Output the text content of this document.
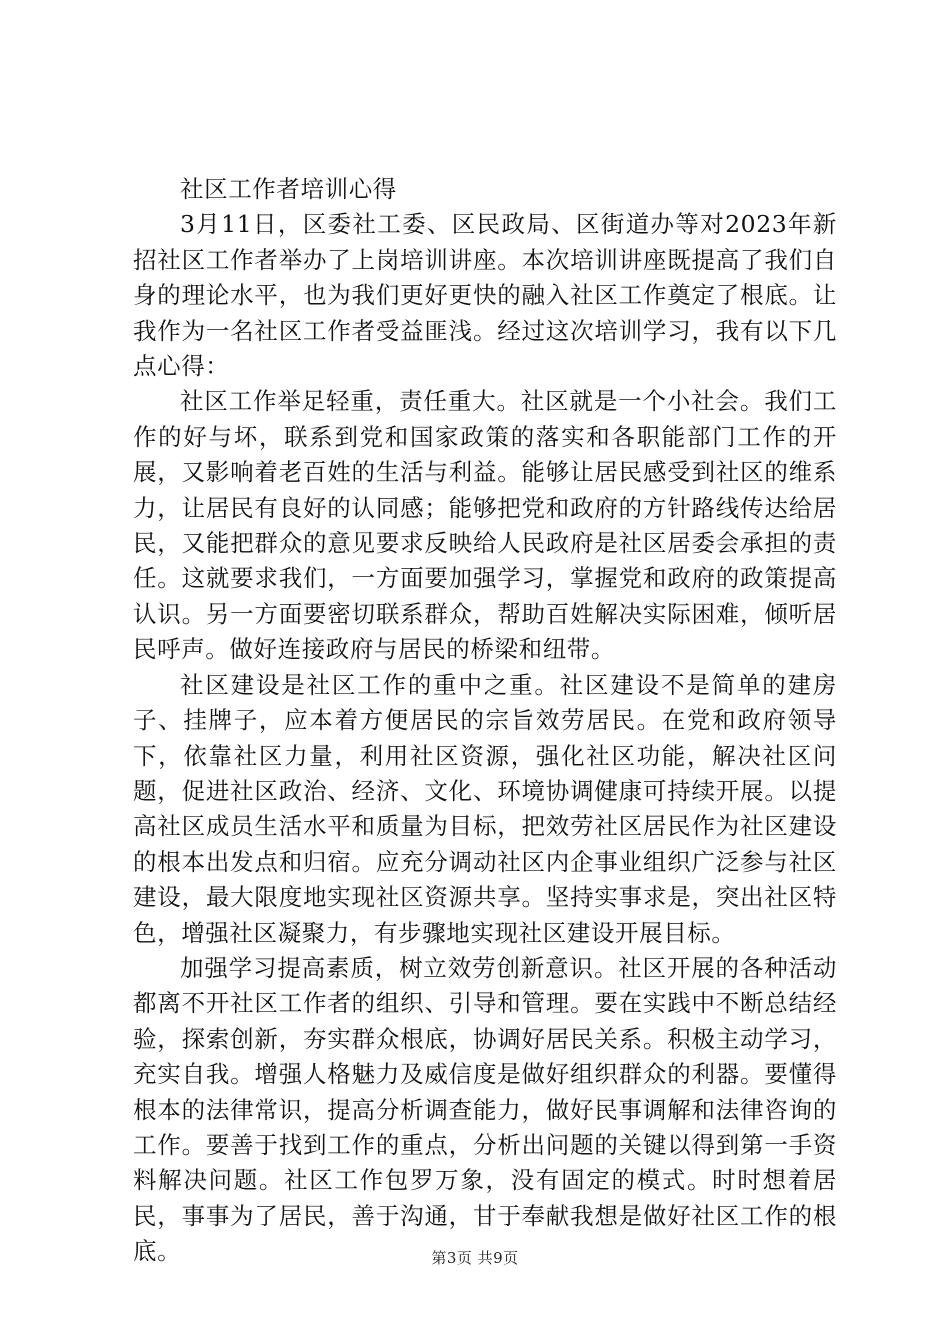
社区工作者培训心得

3月11日，区委社工委、区民政局、区街道办等对2023年新招社区工作者举办了上岗培训讲座。本次培训讲座既提高了我们自身的理论水平，也为我们更好更快的融入社区工作奠定了根底。让我作为一名社区工作者受益匪浅。经过这次培训学习，我有以下几点心得：

社区工作举足轻重，责任重大。社区就是一个小社会。我们工作的好与坏，联系到党和国家政策的落实和各职能部门工作的开展，又影响着老百姓的生活与利益。能够让居民感受到社区的维系力，让居民有良好的认同感；能够把党和政府的方针路线传达给居民，又能把群众的意见要求反映给人民政府是社区居委会承担的责任。这就要求我们，一方面要加强学习，掌握党和政府的政策提高认识。另一方面要密切联系群众，帮助百姓解决实际困难，倾听居民呼声。做好连接政府与居民的桥梁和纽带。

社区建设是社区工作的重中之重。社区建设不是简单的建房子、挂牌子，应本着方便居民的宗旨效劳居民。在党和政府领导下，依靠社区力量，利用社区资源，强化社区功能，解决社区问题，促进社区政治、经济、文化、环境协调健康可持续开展。以提高社区成员生活水平和质量为目标，把效劳社区居民作为社区建设的根本出发点和归宿。应充分调动社区内企事业组织广泛参与社区建设，最大限度地实现社区资源共享。坚持实事求是，突出社区特色，增强社区凝聚力，有步骤地实现社区建设开展目标。

加强学习提高素质，树立效劳创新意识。社区开展的各种活动都离不开社区工作者的组织、引导和管理。要在实践中不断总结经验，探索创新，夯实群众根底，协调好居民关系。积极主动学习，充实自我。增强人格魅力及威信度是做好组织群众的利器。要懂得根本的法律常识，提高分析调查能力，做好民事调解和法律咨询的工作。要善于找到工作的重点，分析出问题的关键以得到第一手资料解决问题。社区工作包罗万象，没有固定的模式。时时想着居民，事事为了居民，善于沟通，甘于奉献我想是做好社区工作的根底。	第3页 共9页
